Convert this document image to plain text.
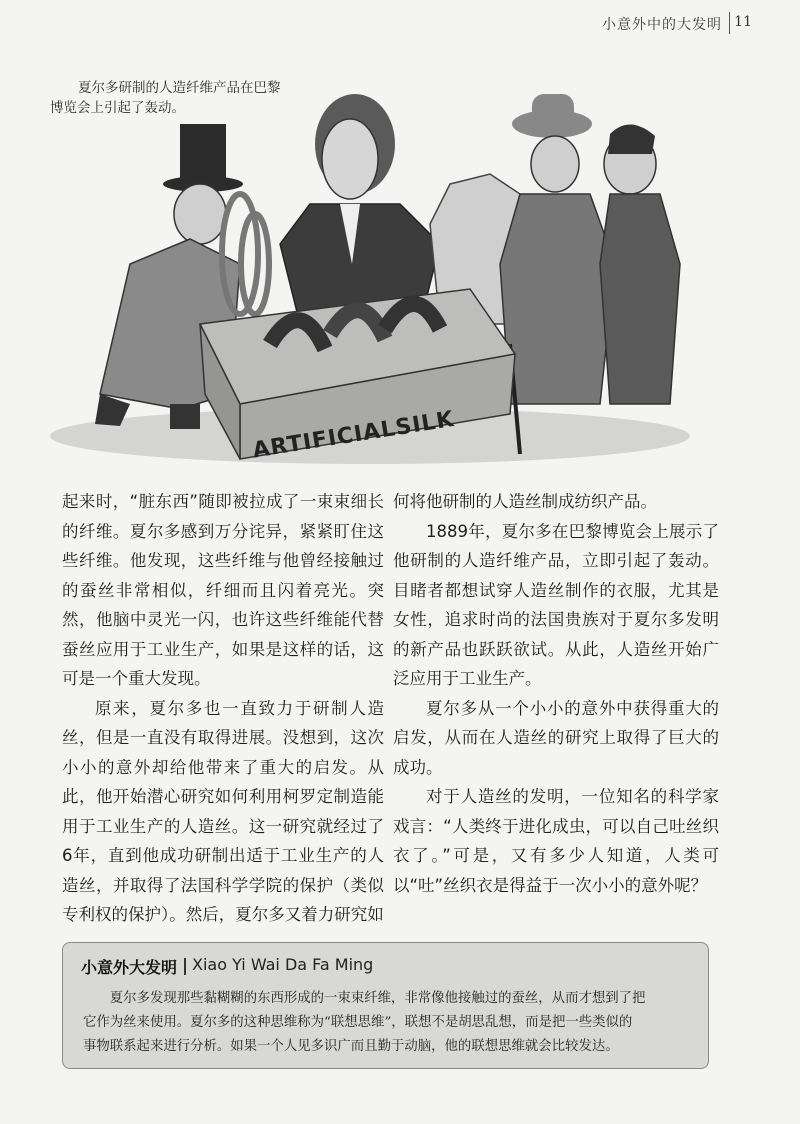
小意外中的大发明 11
ARTIFICIALSILK
夏尔多研制的人造纤维产品在巴黎
博览会上引起了轰动。

起来时，“脏东西”随即被拉成了一束束细长的纤维。夏尔多感到万分诧异，紧紧盯住这些纤维。他发现，这些纤维与他曾经接触过的蚕丝非常相似，纤细而且闪着亮光。突然，他脑中灵光一闪，也许这些纤维能代替蚕丝应用于工业生产，如果是这样的话，这可是一个重大发现。

原来，夏尔多也一直致力于研制人造丝，但是一直没有取得进展。没想到，这次小小的意外却给他带来了重大的启发。从此，他开始潜心研究如何利用柯罗定制造能用于工业生产的人造丝。这一研究就经过了6年，直到他成功研制出适于工业生产的人造丝，并取得了法国科学学院的保护（类似专利权的保护）。然后，夏尔多又着力研究如

何将他研制的人造丝制成纺织产品。

1889年，夏尔多在巴黎博览会上展示了他研制的人造纤维产品，立即引起了轰动。目睹者都想试穿人造丝制作的衣服，尤其是女性，追求时尚的法国贵族对于夏尔多发明的新产品也跃跃欲试。从此，人造丝开始广泛应用于工业生产。

夏尔多从一个小小的意外中获得重大的启发，从而在人造丝的研究上取得了巨大的成功。

对于人造丝的发明，一位知名的科学家戏言：“人类终于进化成虫，可以自己吐丝织衣了。”可是，又有多少人知道，人类可以“吐”丝织衣是得益于一次小小的意外呢？

小意外大发明 Xiao Yi Wai Da Fa Ming
夏尔多发现那些黏糊糊的东西形成的一束束纤维，非常像他接触过的蚕丝，从而才想到了把
它作为丝来使用。夏尔多的这种思维称为“联想思维”，联想不是胡思乱想，而是把一些类似的
事物联系起来进行分析。如果一个人见多识广而且勤于动脑，他的联想思维就会比较发达。
